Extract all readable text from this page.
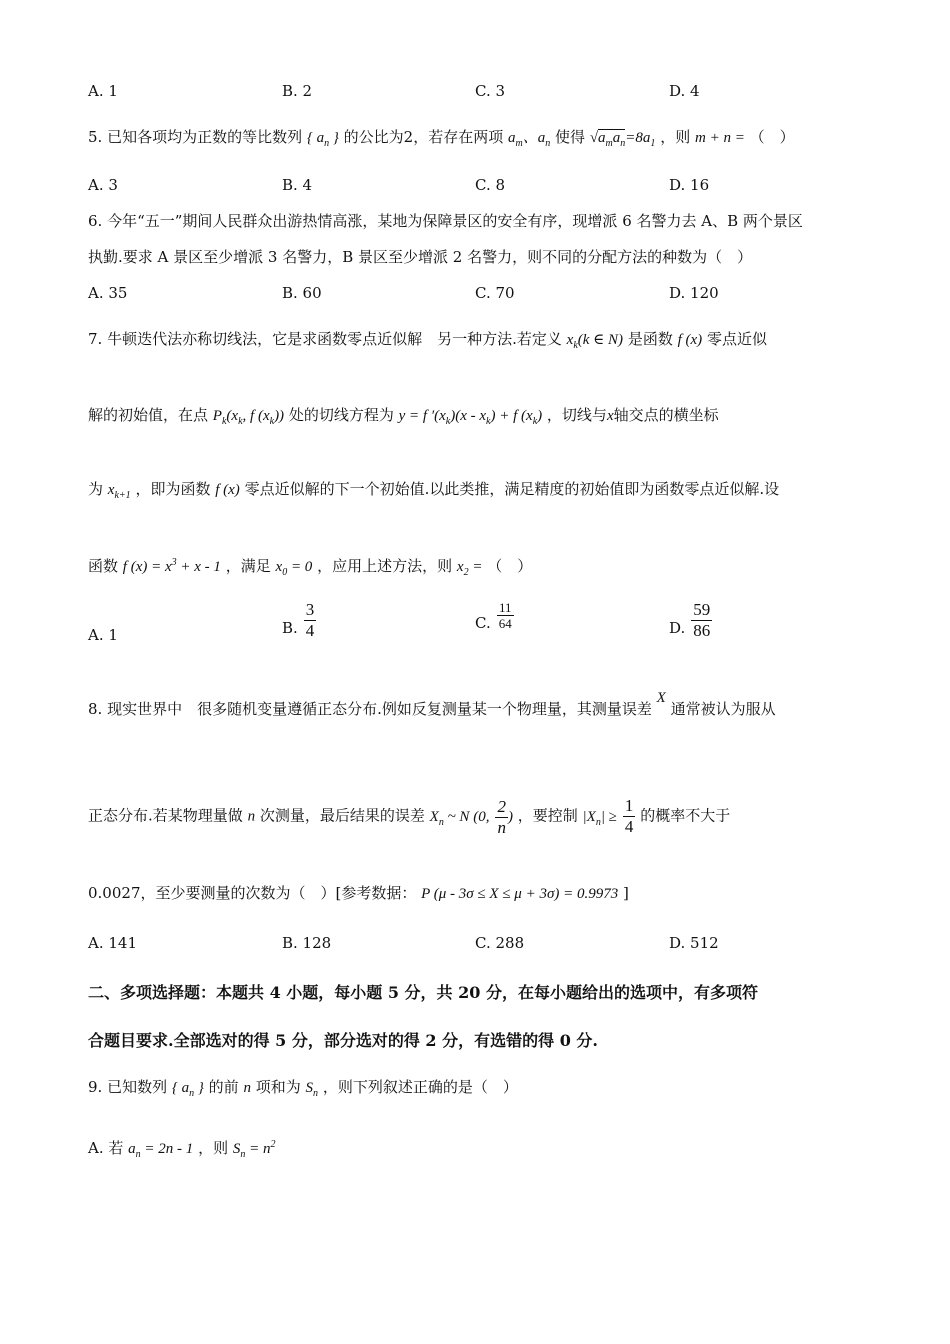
A. 1	B. 2	C. 3	D. 4
5. 已知各项均为正数的等比数列 { $a_n$ } 的公比为2，若存在两项 $a_m$、$a_n$ 使得 $√a_ma_n=8a_1$ ，则 m + n = （　）
A. 3	B. 4	C. 8	D. 16
6. 今年“五一”期间人民群众出游热情高涨，某地为保障景区的安全有序，现增派 6 名警力去 A、B 两个景区
执勤.要求 A 景区至少增派 3 名警力，B 景区至少增派 2 名警力，则不同的分配方法的种数为（　）
A. 35	B. 60	C. 70	D. 120
7. 牛顿迭代法亦称切线法，它是求函数零点近似解　另一种方法.若定义 $x_k(k$ ∈ N) 是函数 f (x) 零点近似
解的初始值，在点 $P_k(x_k$, f $(x_k)$) 处的切线方程为 y = f $'(x_k)(x - x_k) + f$ $(x_k)$ ，切线与x轴交点的横坐标
为 $x_{k+1}$ ，即为函数 f (x) 零点近似解的下一个初始值.以此类推，满足精度的初始值即为函数零点近似解.设
函数 f $(x) = x^3 + x - 1$ ，满足 $x_0 = 0$ ，应用上述方法，则 $x_2$ = （　）
A. 1	B. $\frac{3}{4}$	C. $\frac{11}{64}$	D. $\frac{59}{86}$
8. 现实世界中　很多随机变量遵循正态分布.例如反复测量某一个物理量，其测量误差 X 通常被认为服从
正态分布.若某物理量做 n 次测量，最后结果的误差 $X_n$ ~ N (0, $\frac{2}{n}$ ) ，要控制 $|X_n| \ge \frac{1}{4}$ 的概率不大于
0.0027，至少要测量的次数为（　）[参考数据： P (μ - 3σ ≤ X ≤ μ + 3σ) = 0.9973 ]
A. 141	B. 128	C. 288	D. 512
二、多项选择题：本题共 4 小题，每小题 5 分，共 20 分，在每小题给出的选项中，有多项符
合题目要求.全部选对的得 5 分，部分选对的得 2 分，有选错的得 0 分.
9. 已知数列 { $a_n$ } 的前 n 项和为 $S_n$ ，则下列叙述正确的是（　）
A. 若 $a_n = 2n - 1$ ，则 $S_n = n^2$
